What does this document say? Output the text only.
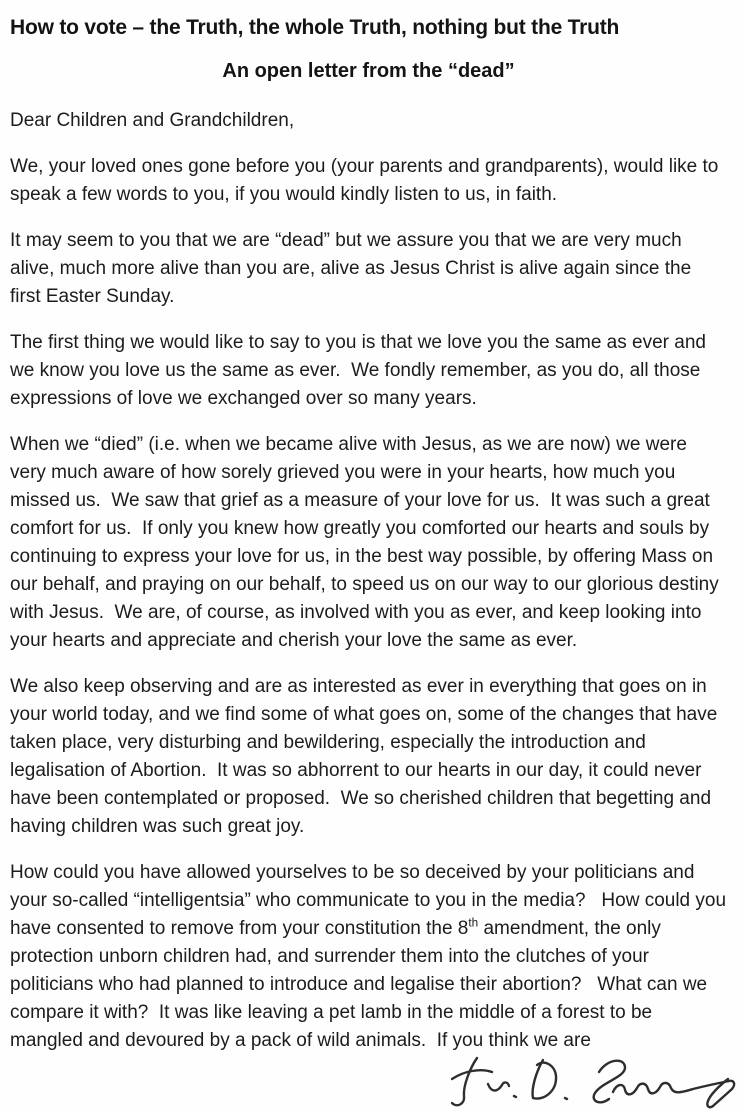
How to vote – the Truth, the whole Truth, nothing but the Truth
An open letter from the “dead”

Dear Children and Grandchildren,

We, your loved ones gone before you (your parents and grandparents), would like to speak a few words to you, if you would kindly listen to us, in faith.

It may seem to you that we are “dead” but we assure you that we are very much alive, much more alive than you are, alive as Jesus Christ is alive again since the first Easter Sunday.

The first thing we would like to say to you is that we love you the same as ever and we know you love us the same as ever.  We fondly remember, as you do, all those expressions of love we exchanged over so many years.

When we “died” (i.e. when we became alive with Jesus, as we are now) we were very much aware of how sorely grieved you were in your hearts, how much you missed us.  We saw that grief as a measure of your love for us.  It was such a great comfort for us.  If only you knew how greatly you comforted our hearts and souls by continuing to express your love for us, in the best way possible, by offering Mass on our behalf, and praying on our behalf, to speed us on our way to our glorious destiny with Jesus.  We are, of course, as involved with you as ever, and keep looking into your hearts and appreciate and cherish your love the same as ever.

We also keep observing and are as interested as ever in everything that goes on in your world today, and we find some of what goes on, some of the changes that have taken place, very disturbing and bewildering, especially the introduction and legalisation of Abortion.  It was so abhorrent to our hearts in our day, it could never have been contemplated or proposed.  We so cherished children that begetting and having children was such great joy.

How could you have allowed yourselves to be so deceived by your politicians and your so-called “intelligentsia” who communicate to you in the media?   How could you have consented to remove from your constitution the 8th amendment, the only protection unborn children had, and surrender them into the clutches of your politicians who had planned to introduce and legalise their abortion?   What can we compare it with?  It was like leaving a pet lamb in the middle of a forest to be mangled and devoured by a pack of wild animals.  If you think we are
